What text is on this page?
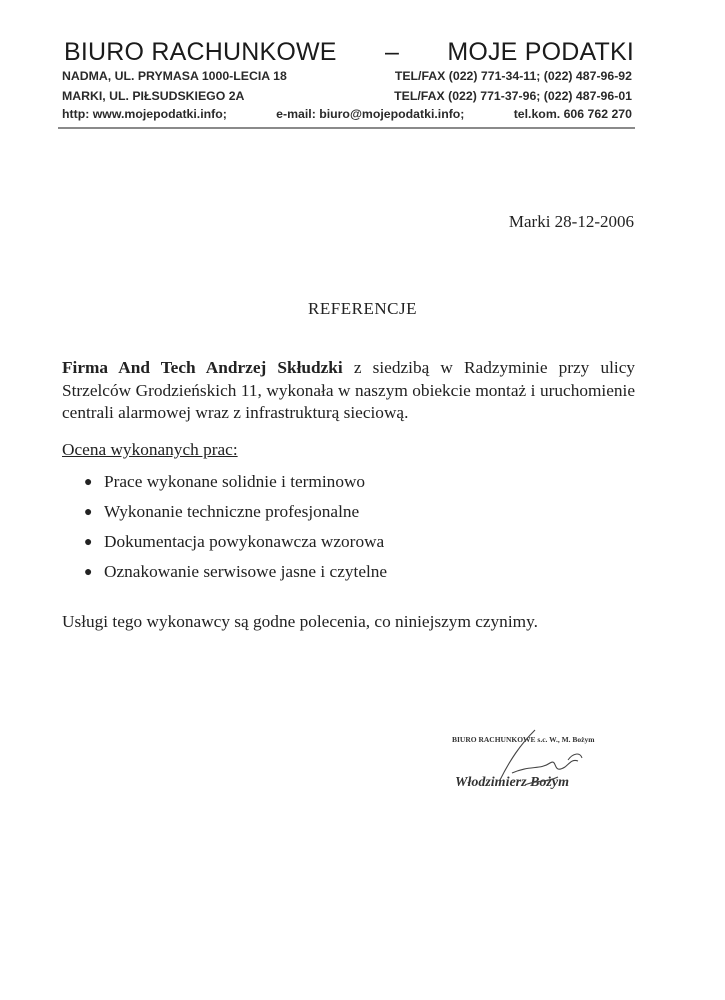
BIURO RACHUNKOWE – MOJE PODATKI
NADMA, UL. PRYMASA 1000-LECIA 18	TEL/FAX (022) 771-34-11; (022) 487-96-92
MARKI, UL. PIŁSUDSKIEGO 2A	TEL/FAX (022) 771-37-96; (022) 487-96-01
http: www.mojepodatki.info;	e-mail: biuro@mojepodatki.info;	tel.kom. 606 762 270
Marki 28-12-2006
REFERENCJE
Firma And Tech Andrzej Skłudzki z siedzibą w Radzyminie przy ulicy Strzelców Grodzieńskich 11, wykonała w naszym obiekcie montaż i uruchomienie centrali alarmowej wraz z infrastrukturą sieciową.
Ocena wykonanych prac:
● Prace wykonane solidnie i terminowo
● Wykonanie techniczne profesjonalne
● Dokumentacja powykonawcza wzorowa
● Oznakowanie serwisowe jasne i czytelne
Usługi tego wykonawcy są godne polecenia, co niniejszym czynimy.
BIURO RACHUNKOWE s.c. W., M. Bożym
Włodzimierz Bożym
